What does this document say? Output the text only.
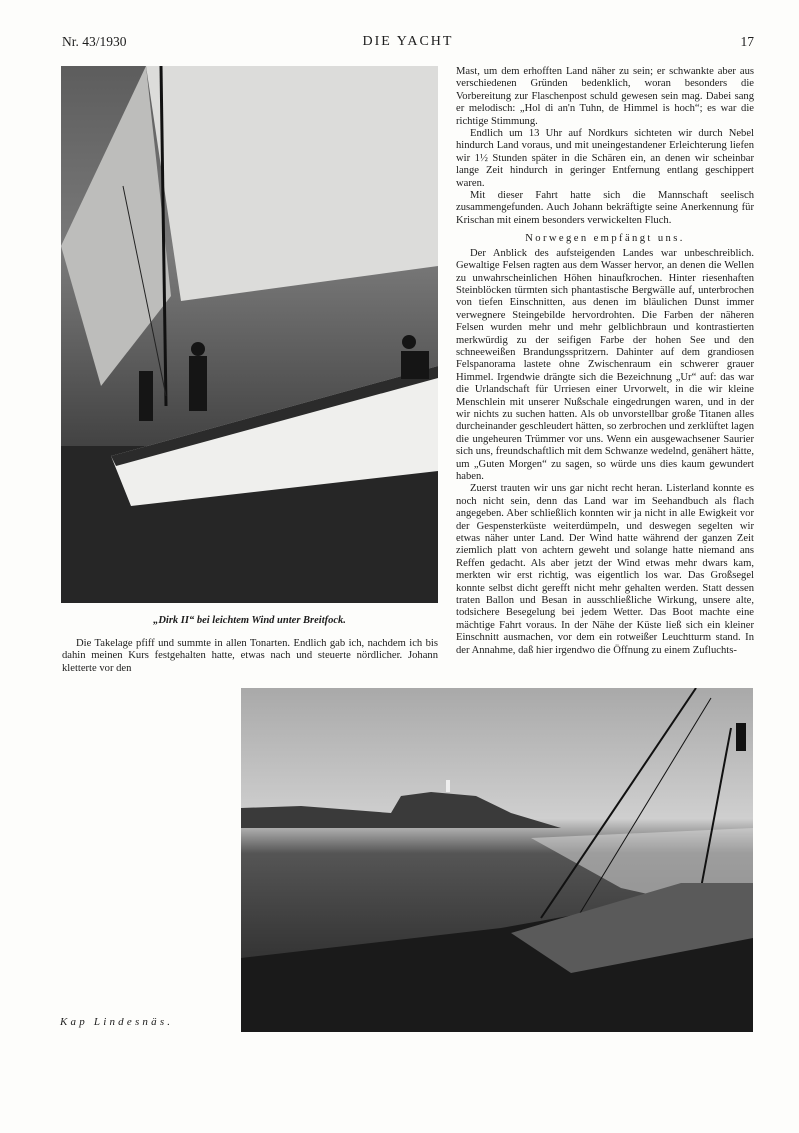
Nr. 43/1930	DIE YACHT	17
„Dirk II“ bei leichtem Wind unter Breitfock.

Die Takelage pfiff und summte in allen Tonarten. Endlich gab ich, nachdem ich bis dahin meinen Kurs festgehalten hatte, etwas nach und steuerte nördlicher. Johann kletterte vor den

Mast, um dem erhofften Land näher zu sein; er schwankte aber aus verschiedenen Gründen bedenklich, woran besonders die Vorbereitung zur Flaschenpost schuld gewesen sein mag. Dabei sang er melodisch: „Hol di an'n Tuhn, de Himmel is hoch“; es war die richtige Stimmung.

Endlich um 13 Uhr auf Nordkurs sichteten wir durch Nebel hindurch Land voraus, und mit uneingestandener Erleichterung liefen wir 1½ Stunden später in die Schären ein, an denen wir scheinbar lange Zeit hindurch in geringer Entfernung entlang geschippert waren.

Mit dieser Fahrt hatte sich die Mannschaft seelisch zusammengefunden. Auch Johann bekräftigte seine Anerkennung für Krischan mit einem besonders verwickelten Fluch.

Norwegen empfängt uns.

Der Anblick des aufsteigenden Landes war unbeschreiblich. Gewaltige Felsen ragten aus dem Wasser hervor, an denen die Wellen zu unwahrscheinlichen Höhen hinaufkrochen. Hinter riesenhaften Steinblöcken türmten sich phantastische Bergwälle auf, unterbrochen von tiefen Einschnitten, aus denen im bläulichen Dunst immer verwegnere Steingebilde hervordrohten. Die Farben der näheren Felsen wurden mehr und mehr gelblichbraun und kontrastierten merkwürdig zu der seifigen Farbe der hohen See und den schneeweißen Brandungsspritzern. Dahinter auf dem grandiosen Felspanorama lastete ohne Zwischenraum ein schwerer grauer Himmel. Irgendwie drängte sich die Bezeichnung „Ur“ auf: das war die Urlandschaft für Urriesen einer Urvorwelt, in die wir kleine Menschlein mit unserer Nußschale eingedrungen waren, und in der wir nichts zu suchen hatten. Als ob unvorstellbar große Titanen alles durcheinander geschleudert hätten, so zerbrochen und zerklüftet lagen die ungeheuren Trümmer vor uns. Wenn ein ausgewachsener Saurier sich uns, freundschaftlich mit dem Schwanze wedelnd, genähert hätte, um „Guten Morgen“ zu sagen, so würde uns dies kaum gewundert haben.

Zuerst trauten wir uns gar nicht recht heran. Listerland konnte es noch nicht sein, denn das Land war im Seehandbuch als flach angegeben. Aber schließlich konnten wir ja nicht in alle Ewigkeit vor der Gespensterküste weiterdümpeln, und deswegen segelten wir etwas näher unter Land. Der Wind hatte während der ganzen Zeit ziemlich platt von achtern geweht und solange hatte niemand ans Reffen gedacht. Als aber jetzt der Wind etwas mehr dwars kam, merkten wir erst richtig, was eigentlich los war. Das Großsegel konnte selbst dicht gerefft nicht mehr gehalten werden. Statt dessen traten Ballon und Besan in ausschließliche Wirkung, unsere alte, todsichere Besegelung bei jedem Wetter. Das Boot machte eine mächtige Fahrt voraus. In der Nähe der Küste ließ sich ein kleiner Einschnitt ausmachen, vor dem ein rotweißer Leuchtturm stand. In der Annahme, daß hier irgendwo die Öffnung zu einem Zufluchts-

Kap Lindesnäs.
